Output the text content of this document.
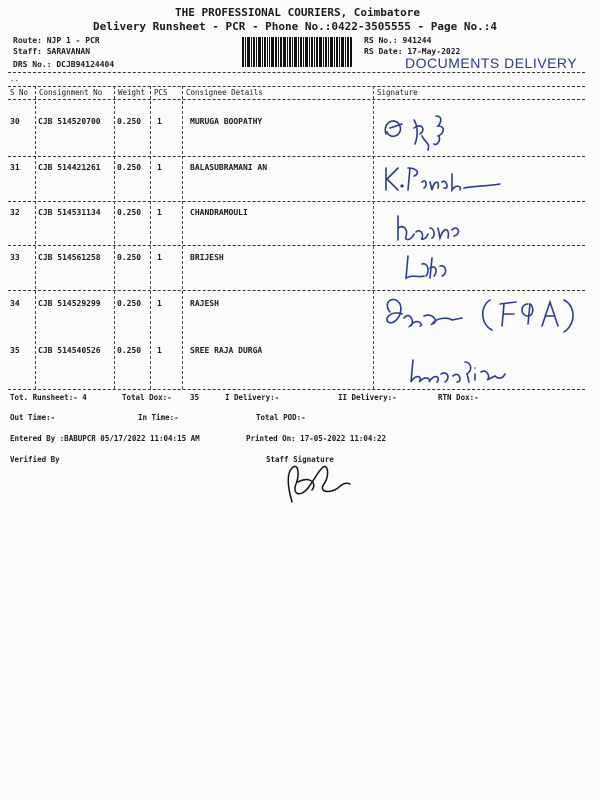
THE PROFESSIONAL COURIERS, Coimbatore
Delivery Runsheet - PCR - Phone No.:0422-3505555 - Page No.:4
Route: NJP 1 - PCR
Staff: SARAVANAN
DRS No.: DCJB94124404
RS No.: 941244
RS Date: 17-May-2022
DOCUMENTS DELIVERY
--
S No Consignment No Weight PCS Consignee Details	Signature
30 CJB 514520700 0.250 1	MURUGA BOOPATHY
31 CJB 514421261 0.250 1	BALASUBRAMANI AN
32 CJB 514531134 0.250 1	CHANDRAMOULI
33 CJB 514561258 0.250 1	BRIJESH
34 CJB 514529299 0.250 1	RAJESH
35 CJB 514540526 0.250 1	SREE RAJA DURGA
Tot. Runsheet:- 4	Total Dox:- 35	I Delivery:-	II Delivery:-	RTN Dox:-
Out Time:-	In Time:-	Total POD:-
Entered By :BABUPCR 05/17/2022 11:04:15 AM	Printed On: 17-05-2022 11:04:22
Verified By	Staff Signature
